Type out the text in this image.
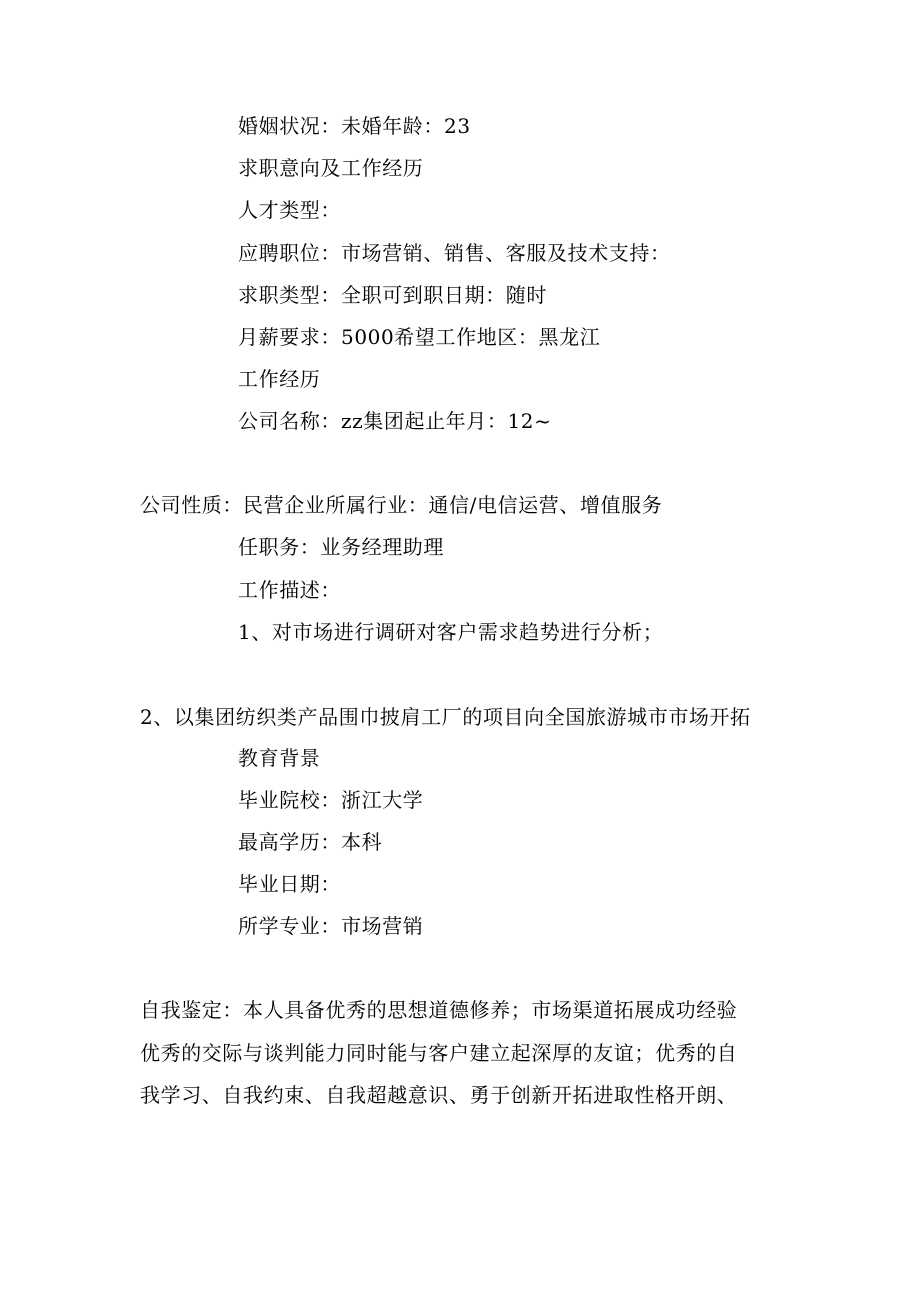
婚姻状况：未婚年龄：23
求职意向及工作经历
人才类型：
应聘职位：市场营销、销售、客服及技术支持：
求职类型：全职可到职日期：随时
月薪要求：5000希望工作地区：黑龙江
工作经历
公司名称：zz集团起止年月：12~
公司性质：民营企业所属行业：通信/电信运营、增值服务
任职务：业务经理助理
工作描述：
1、对市场进行调研对客户需求趋势进行分析；
2、以集团纺织类产品围巾披肩工厂的项目向全国旅游城市市场开拓
教育背景
毕业院校：浙江大学
最高学历：本科
毕业日期：
所学专业：市场营销
自我鉴定：本人具备优秀的思想道德修养；市场渠道拓展成功经验
优秀的交际与谈判能力同时能与客户建立起深厚的友谊；优秀的自
我学习、自我约束、自我超越意识、勇于创新开拓进取性格开朗、
